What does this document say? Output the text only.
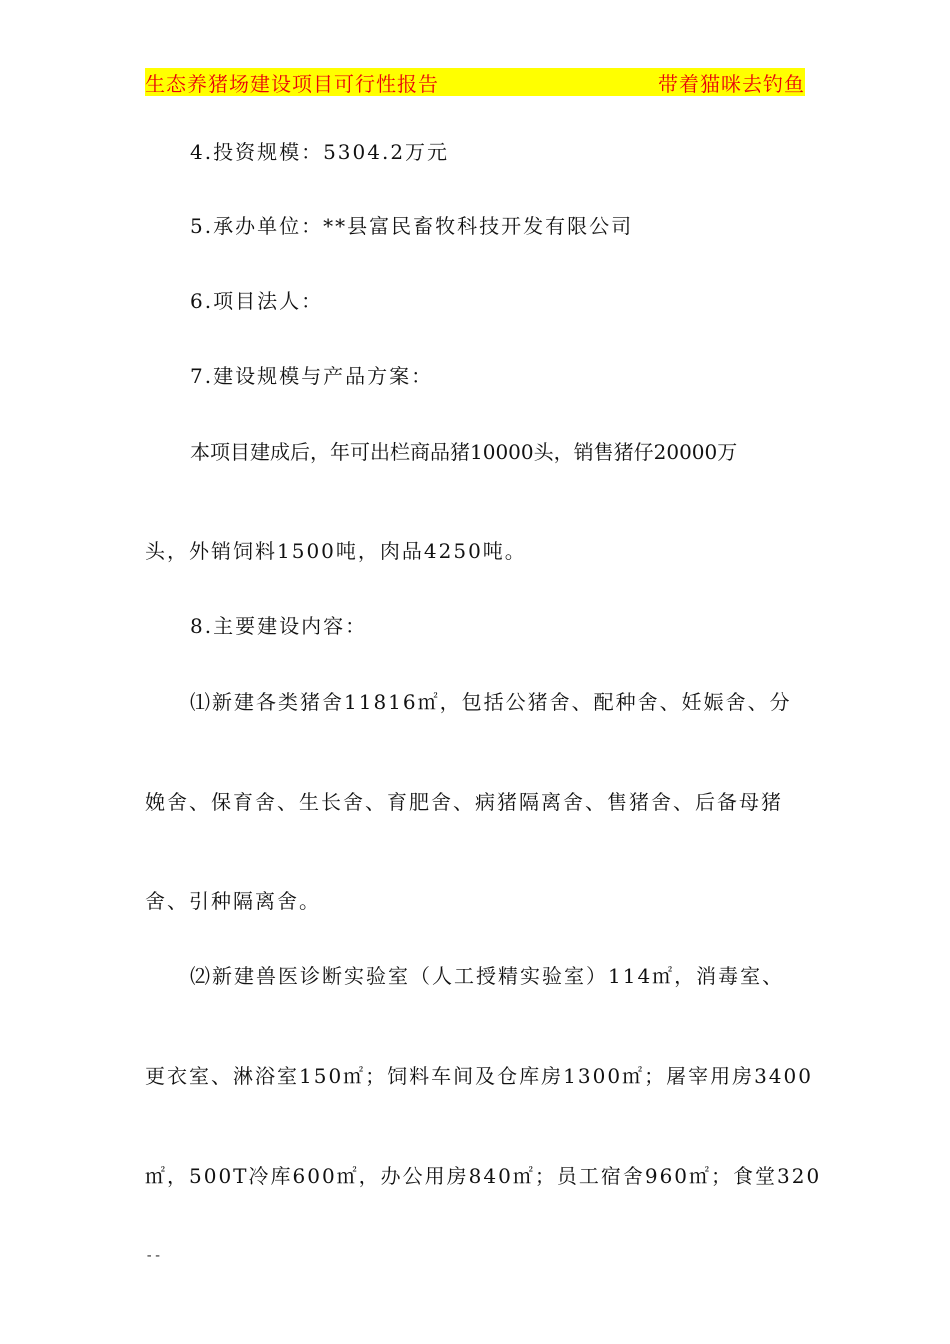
生态养猪场建设项目可行性报告	带着猫咪去钓鱼
4.投资规模：5304.2万元
5.承办单位：**县富民畜牧科技开发有限公司
6.项目法人：
7.建设规模与产品方案：
本项目建成后，年可出栏商品猪10000头，销售猪仔20000万
头，外销饲料1500吨，肉品4250吨。
8.主要建设内容：
⑴新建各类猪舍11816㎡，包括公猪舍、配种舍、妊娠舍、分
娩舍、保育舍、生长舍、育肥舍、病猪隔离舍、售猪舍、后备母猪
舍、引种隔离舍。
⑵新建兽医诊断实验室（人工授精实验室）114㎡，消毒室、
更衣室、淋浴室150㎡；饲料车间及仓库房1300㎡；屠宰用房3400
㎡，500T冷库600㎡，办公用房840㎡；员工宿舍960㎡；食堂320
--
